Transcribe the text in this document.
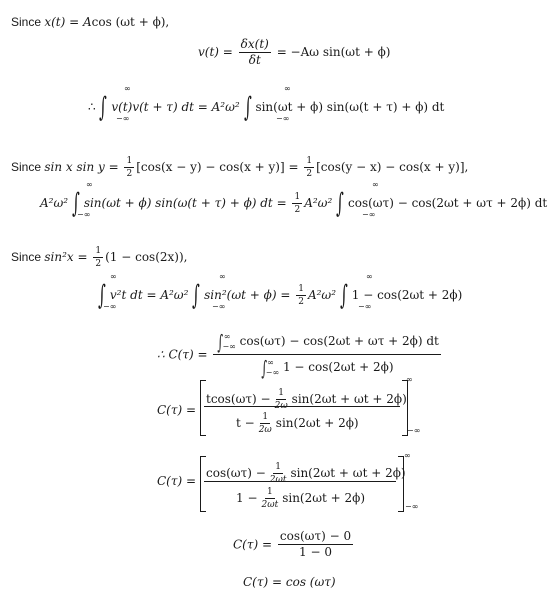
Since x(t) = Acos (ωt + ϕ),
$v(t) = \frac{\delta x(t)}{\delta t} = -A\omega$ sin(ωt + ϕ)
∴ ∫ v(t)v(t + τ) dt = A²ω² ∫ sin(ωt + ϕ) sin(ω(t + τ) + ϕ) dt
∞
−∞
∞
−∞
Since sin x $\sin y = \frac{1}{2} [\cos(x - y) - \cos(x + y)] = \frac{1}{2} [\cos(y - x) - \cos(x + y)]$,
A²ω² ∫ sin(ωt + ϕ) sin(ω(t + τ) + ϕ) dt = $\frac{1}{2} A^2\omega^2$ ∫ cos(ωτ) − cos(2ωt + ωτ + 2ϕ) dt
∞
−∞
∞
−∞
Since $\sin^2x = \frac{1}{2} (1 - \cos(2x))$,
∫ v²t dt = A²ω² ∫ $\sin^2(\omega t + \phi) = \frac{1}{2} A^2\omega^2$ ∫ 1 − cos(2ωt + 2ϕ)
∞
−∞
∞
−∞
∞
−∞
∴ $C(\tau) = \frac{\int^\infty_{-\infty} \cos(\omega\tau) - \cos(2\omega t + \omega\tau + 2\phi) dt}{\int^\infty_{-\infty} 1 - \cos(2\omega t + 2\phi)}$
C(τ) =
∞
−∞
$tcos(\omega\tau) - \frac{1}{2\omega} \sin(2\omega t + \omega t + 2\phi)$
$t - \frac{1}{2\omega} \sin(2\omega t + 2\phi)$
C(τ) =
∞
−∞
$\cos(\omega\tau) - \frac{1}{2\omega t} \sin(2\omega t + \omega t + 2\phi)$
$1 - \frac{1}{2\omega t} \sin(2\omega t + 2\phi)$
$C(\tau) = \frac{\cos(\omega\tau) - 0}{1 - 0}$
C(τ) = cos (ωτ)
